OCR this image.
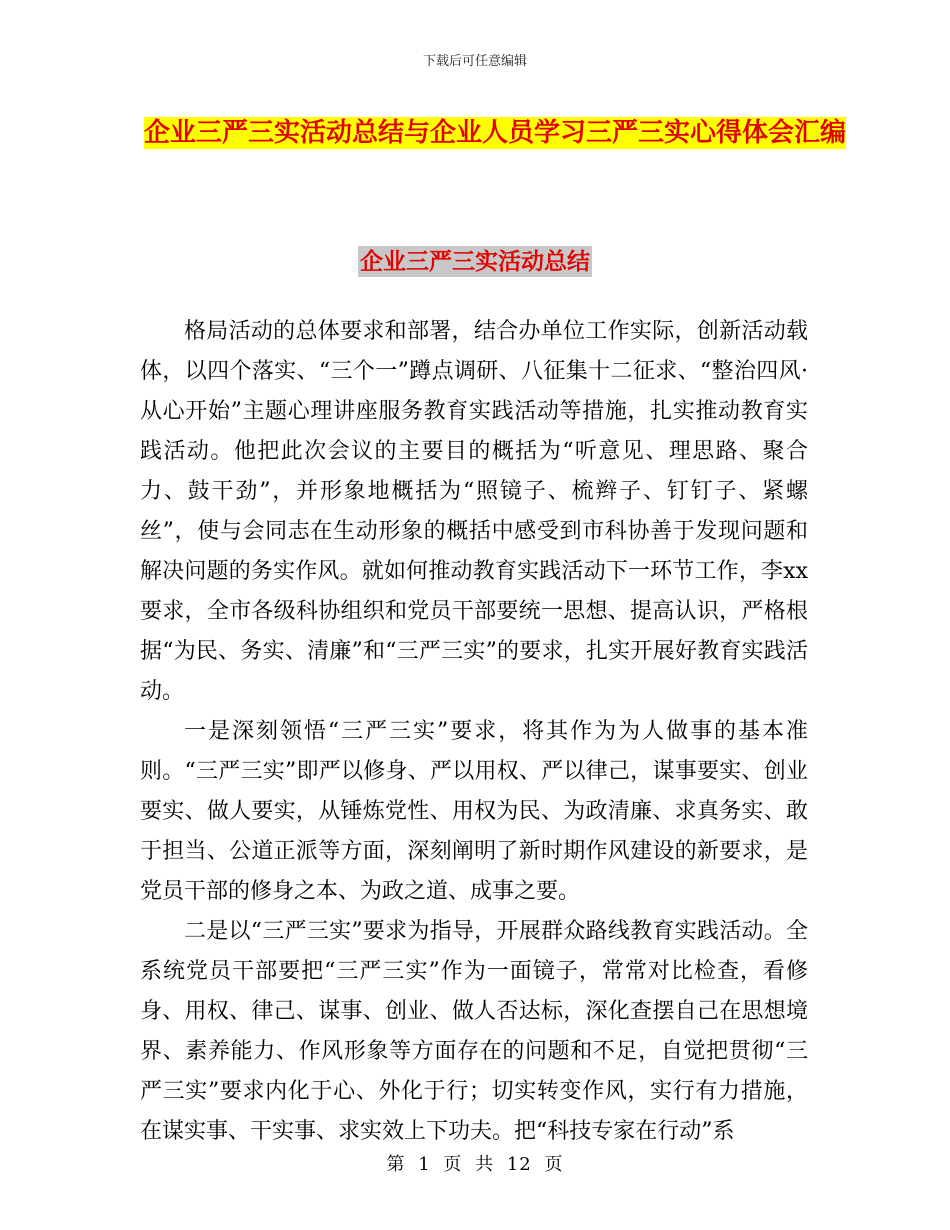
下载后可任意编辑
企业三严三实活动总结与企业人员学习三严三实心得体会汇编
企业三严三实活动总结

格局活动的总体要求和部署，结合办单位工作实际，创新活动载体，以四个落实、“三个一”蹲点调研、八征集十二征求、“整治四风·从心开始”主题心理讲座服务教育实践活动等措施，扎实推动教育实践活动。他把此次会议的主要目的概括为“听意见、理思路、聚合力、鼓干劲”，并形象地概括为“照镜子、梳辫子、钉钉子、紧螺丝”，使与会同志在生动形象的概括中感受到市科协善于发现问题和解决问题的务实作风。就如何推动教育实践活动下一环节工作，李xx要求，全市各级科协组织和党员干部要统一思想、提高认识，严格根据“为民、务实、清廉”和“三严三实”的要求，扎实开展好教育实践活动。

一是深刻领悟“三严三实”要求，将其作为为人做事的基本准则。“三严三实”即严以修身、严以用权、严以律己，谋事要实、创业要实、做人要实，从锤炼党性、用权为民、为政清廉、求真务实、敢于担当、公道正派等方面，深刻阐明了新时期作风建设的新要求，是党员干部的修身之本、为政之道、成事之要。

二是以“三严三实”要求为指导，开展群众路线教育实践活动。全系统党员干部要把“三严三实”作为一面镜子，常常对比检查，看修身、用权、律己、谋事、创业、做人否达标，深化查摆自己在思想境界、素养能力、作风形象等方面存在的问题和不足，自觉把贯彻“三严三实”要求内化于心、外化于行；切实转变作风，实行有力措施，在谋实事、干实事、求实效上下功夫。把“科技专家在行动”系

第 1 页 共 12 页
